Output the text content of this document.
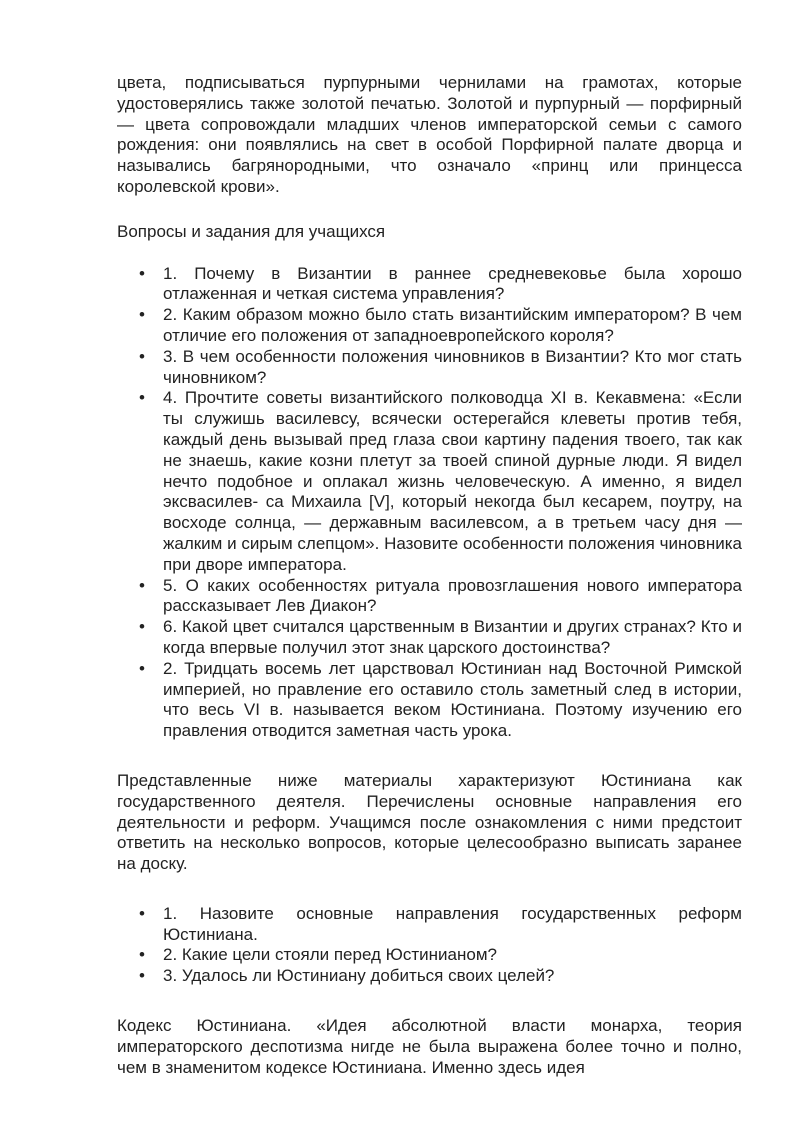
цвета, подписываться пурпурными чернилами на грамотах, которые удостоверялись также золотой печатью. Золотой и пурпурный — порфирный — цвета сопровождали младших членов императорской семьи с самого рождения: они появлялись на свет в особой Порфирной палате дворца и назывались багрянородными, что означало «принц или принцесса королевской крови».

Вопросы и задания для учащихся

• 1. Почему в Византии в раннее средневековье была хорошо отлаженная и четкая система управления?
• 2. Каким образом можно было стать византийским императором? В чем отличие его положения от западноевропейского короля?
• 3. В чем особенности положения чиновников в Византии? Кто мог стать чиновником?
• 4. Прочтите советы византийского полководца XI в. Кекавмена: «Если ты служишь василевсу, всячески остерегайся клеветы против тебя, каждый день вызывай пред глаза свои картину падения твоего, так как не знаешь, какие козни плетут за твоей спиной дурные люди. Я видел нечто подобное и оплакал жизнь человеческую. А именно, я видел эксвасилев- са Михаила [V], который некогда был кесарем, поутру, на восходе солнца, — державным василевсом, а в третьем часу дня — жалким и сирым слепцом». Назовите особенности положения чиновника при дворе императора.
• 5. О каких особенностях ритуала провозглашения нового императора рассказывает Лев Диакон?
• 6. Какой цвет считался царственным в Византии и других странах? Кто и когда впервые получил этот знак царского достоинства?
• 2. Тридцать восемь лет царствовал Юстиниан над Восточной Римской империей, но правление его оставило столь заметный след в истории, что весь VI в. называется веком Юстиниана. Поэтому изучению его правления отводится заметная часть урока.

Представленные ниже материалы характеризуют Юстиниана как государственного деятеля. Перечислены основные направления его деятельности и реформ. Учащимся после ознакомления с ними предстоит ответить на несколько вопросов, которые целесообразно выписать заранее на доску.

• 1. Назовите основные направления государственных реформ Юстиниана.
• 2. Какие цели стояли перед Юстинианом?
• 3. Удалось ли Юстиниану добиться своих целей?

Кодекс Юстиниана. «Идея абсолютной власти монарха, теория императорского деспотизма нигде не была выражена более точно и полно, чем в знаменитом кодексе Юстиниана. Именно здесь идея
